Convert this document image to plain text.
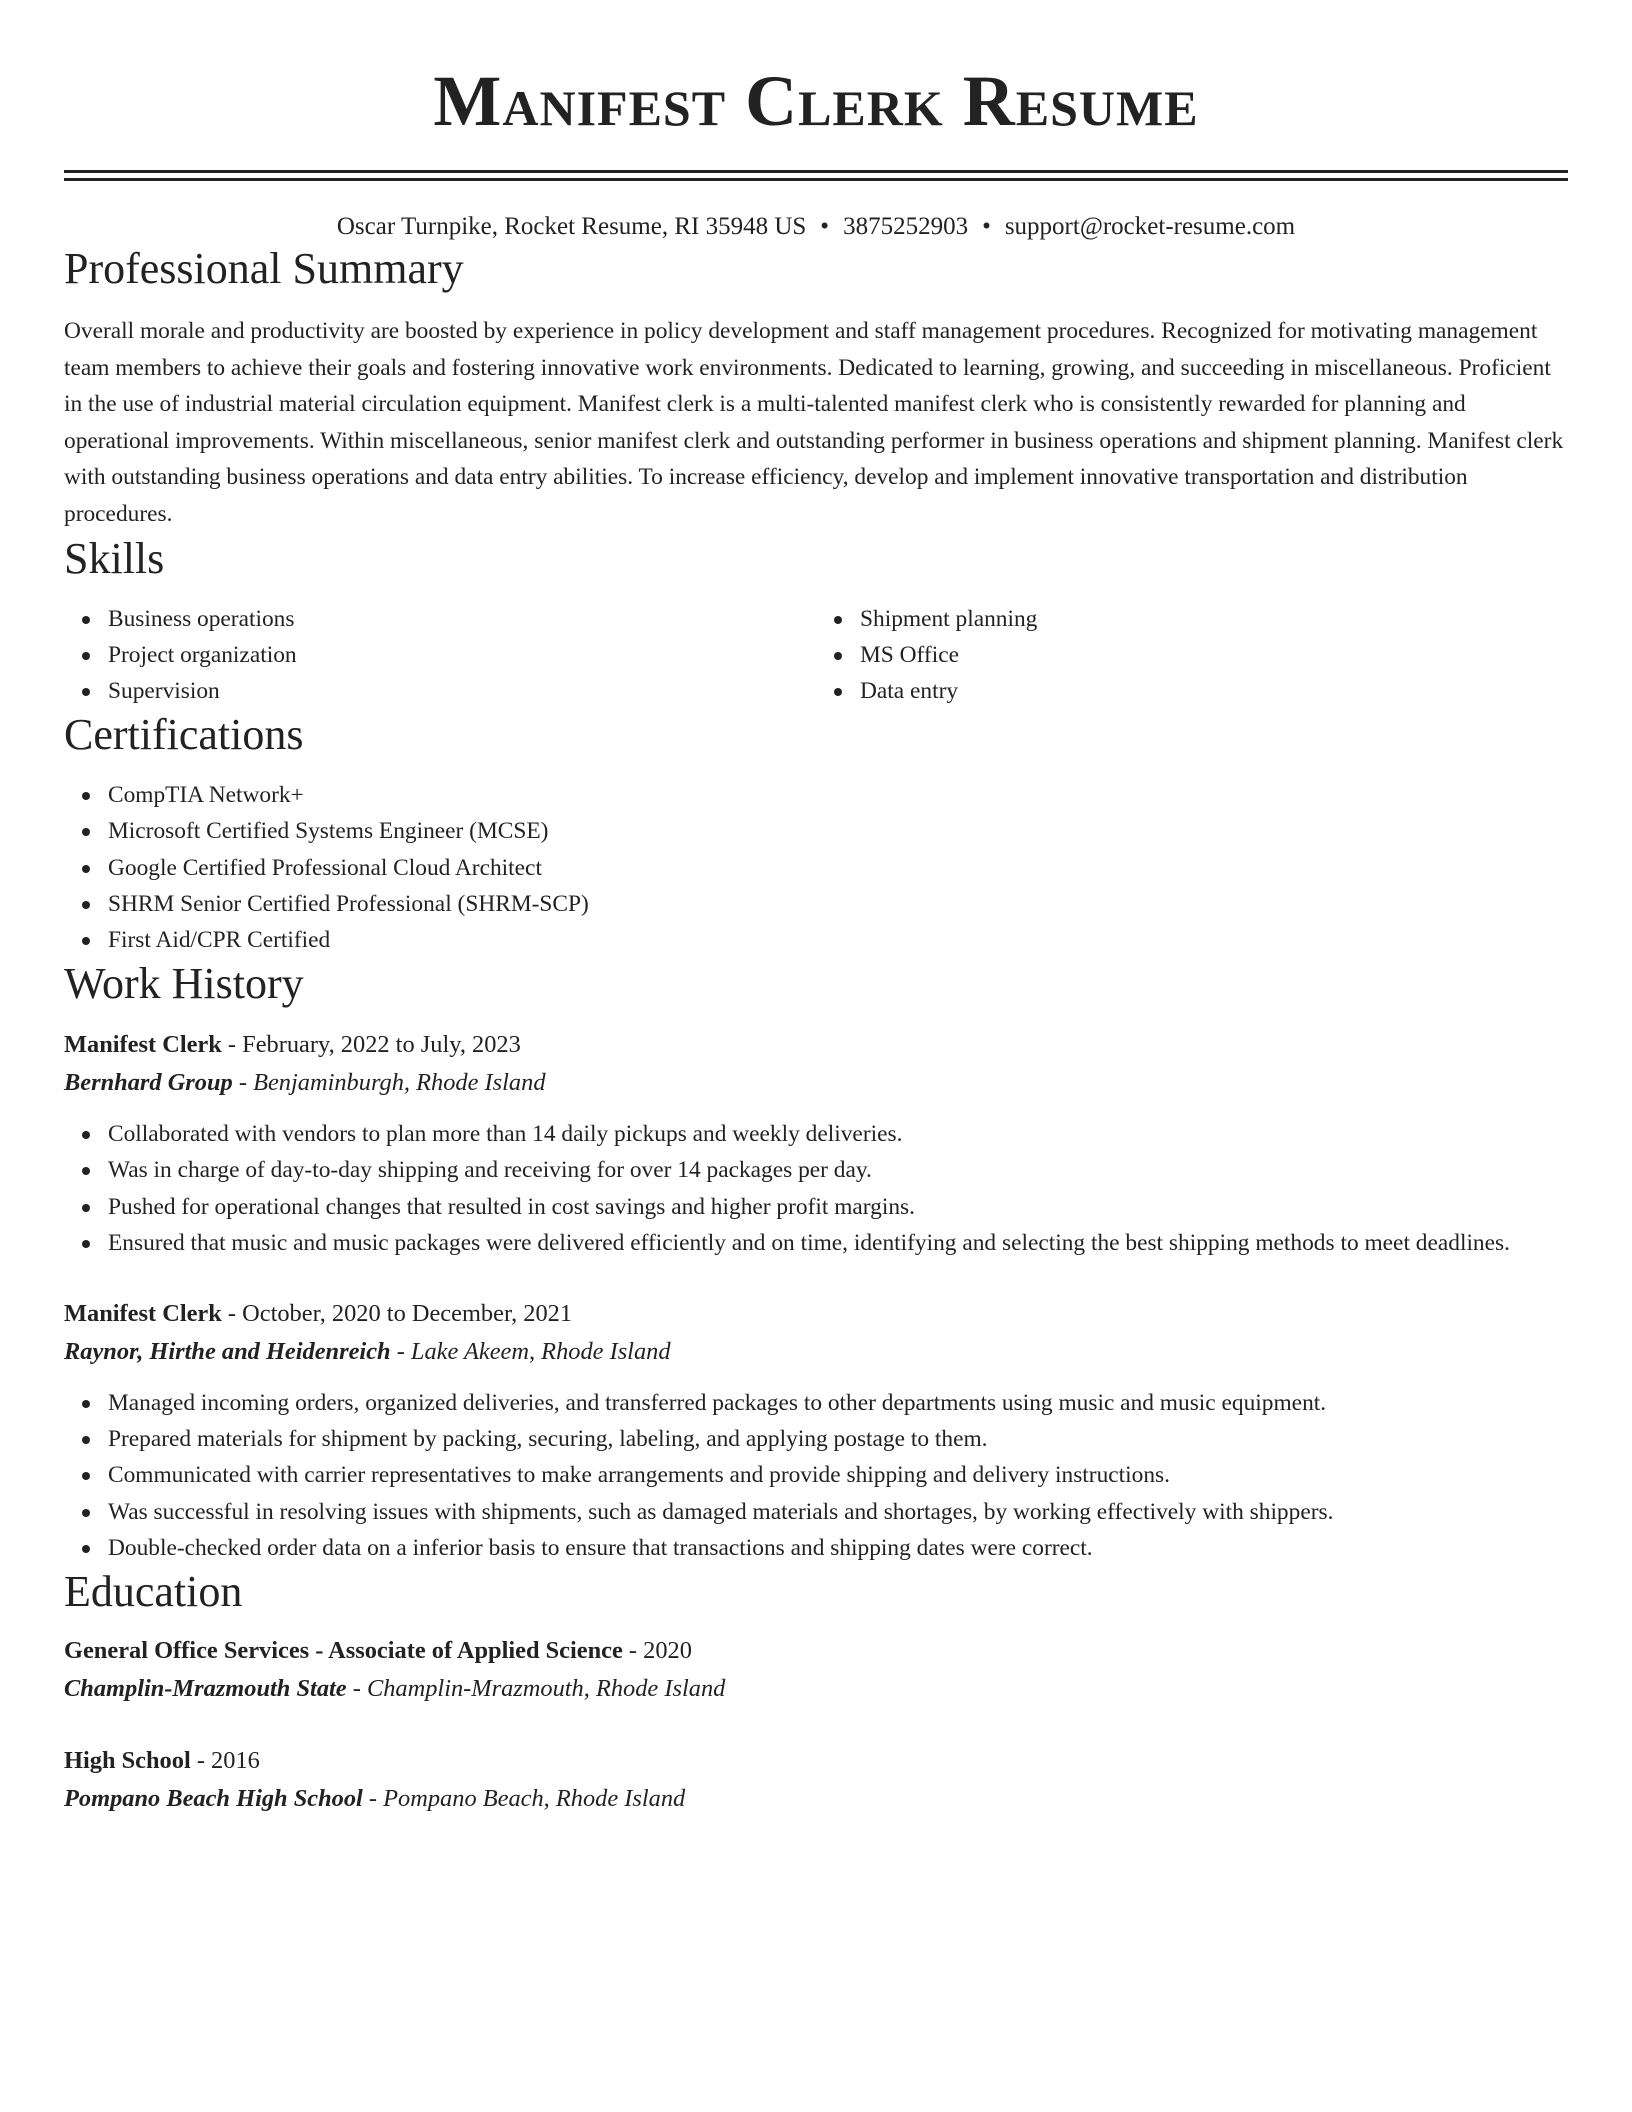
Manifest Clerk Resume
Oscar Turnpike, Rocket Resume, RI 35948 US • 3875252903 • support@rocket-resume.com
Professional Summary
Overall morale and productivity are boosted by experience in policy development and staff management procedures. Recognized for motivating management team members to achieve their goals and fostering innovative work environments. Dedicated to learning, growing, and succeeding in miscellaneous. Proficient in the use of industrial material circulation equipment. Manifest clerk is a multi-talented manifest clerk who is consistently rewarded for planning and operational improvements. Within miscellaneous, senior manifest clerk and outstanding performer in business operations and shipment planning. Manifest clerk with outstanding business operations and data entry abilities. To increase efficiency, develop and implement innovative transportation and distribution procedures.
Skills
Business operations
Project organization
Supervision
Shipment planning
MS Office
Data entry
Certifications
CompTIA Network+
Microsoft Certified Systems Engineer (MCSE)
Google Certified Professional Cloud Architect
SHRM Senior Certified Professional (SHRM-SCP)
First Aid/CPR Certified
Work History
Manifest Clerk - February, 2022 to July, 2023
Bernhard Group - Benjaminburgh, Rhode Island
Collaborated with vendors to plan more than 14 daily pickups and weekly deliveries.
Was in charge of day-to-day shipping and receiving for over 14 packages per day.
Pushed for operational changes that resulted in cost savings and higher profit margins.
Ensured that music and music packages were delivered efficiently and on time, identifying and selecting the best shipping methods to meet deadlines.
Manifest Clerk - October, 2020 to December, 2021
Raynor, Hirthe and Heidenreich - Lake Akeem, Rhode Island
Managed incoming orders, organized deliveries, and transferred packages to other departments using music and music equipment.
Prepared materials for shipment by packing, securing, labeling, and applying postage to them.
Communicated with carrier representatives to make arrangements and provide shipping and delivery instructions.
Was successful in resolving issues with shipments, such as damaged materials and shortages, by working effectively with shippers.
Double-checked order data on a inferior basis to ensure that transactions and shipping dates were correct.
Education
General Office Services - Associate of Applied Science - 2020
Champlin-Mrazmouth State - Champlin-Mrazmouth, Rhode Island
High School - 2016
Pompano Beach High School - Pompano Beach, Rhode Island
